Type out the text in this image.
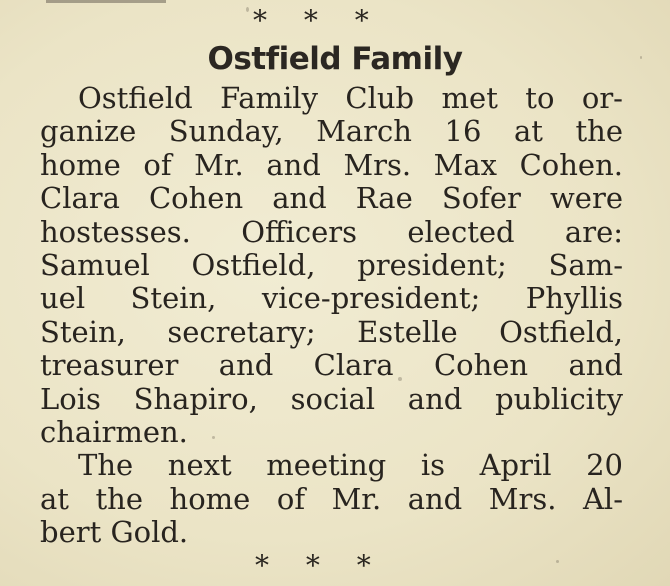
* * *
Ostfield Family

Ostfield Family Club met to or-
ganize Sunday, March 16 at the
home of Mr. and Mrs. Max Cohen.
Clara Cohen and Rae Sofer were
hostesses. Officers elected are:
Samuel Ostfield, president; Sam-
uel Stein, vice-president; Phyllis
Stein, secretary; Estelle Ostfield,
treasurer and Clara Cohen and
Lois Shapiro, social and publicity
chairmen.

The next meeting is April 20
at the home of Mr. and Mrs. Al-
bert Gold.

* * *
